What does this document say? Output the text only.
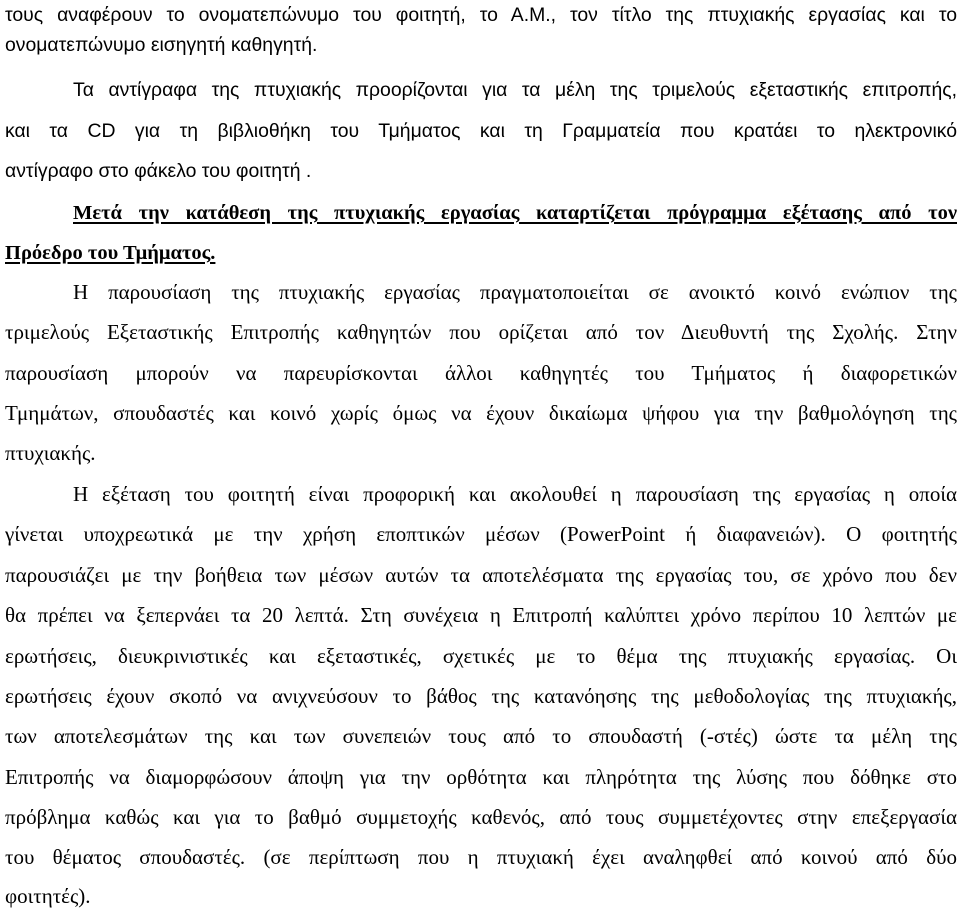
τους αναφέρουν το ονοματεπώνυμο του φοιτητή, το Α.Μ., τον τίτλο της πτυχιακής εργασίας και το
ονοματεπώνυμο εισηγητή καθηγητή.
Τα αντίγραφα της πτυχιακής προορίζονται για τα μέλη της τριμελούς εξεταστικής επιτροπής,
και τα CD για τη βιβλιοθήκη του Τμήματος και τη Γραμματεία που κρατάει το ηλεκτρονικό
αντίγραφο στο φάκελο του φοιτητή .
Μετά την κατάθεση της πτυχιακής εργασίας καταρτίζεται πρόγραμμα εξέτασης από τον
Πρόεδρο του Τμήματος.
Η παρουσίαση της πτυχιακής εργασίας πραγματοποιείται σε ανοικτό κοινό ενώπιον της
τριμελούς Εξεταστικής Επιτροπής καθηγητών που ορίζεται από τον Διευθυντή της Σχολής. Στην
παρουσίαση μπορούν να παρευρίσκονται άλλοι καθηγητές του Τμήματος ή διαφορετικών
Τμημάτων, σπουδαστές και κοινό χωρίς όμως να έχουν δικαίωμα ψήφου για την βαθμολόγηση της
πτυχιακής.
Η εξέταση του φοιτητή είναι προφορική και ακολουθεί η παρουσίαση της εργασίας η οποία
γίνεται υποχρεωτικά με την χρήση εποπτικών μέσων (PowerPoint ή διαφανειών). Ο φοιτητής
παρουσιάζει με την βοήθεια των μέσων αυτών τα αποτελέσματα της εργασίας του, σε χρόνο που δεν
θα πρέπει να ξεπερνάει τα 20 λεπτά. Στη συνέχεια η Επιτροπή καλύπτει χρόνο περίπου 10 λεπτών με
ερωτήσεις, διευκρινιστικές και εξεταστικές, σχετικές με το θέμα της πτυχιακής εργασίας. Οι
ερωτήσεις έχουν σκοπό να ανιχνεύσουν το βάθος της κατανόησης της μεθοδολογίας της πτυχιακής,
των αποτελεσμάτων της και των συνεπειών τους από το σπουδαστή (-στές) ώστε τα μέλη της
Επιτροπής να διαμορφώσουν άποψη για την ορθότητα και πληρότητα της λύσης που δόθηκε στο
πρόβλημα καθώς και για το βαθμό συμμετοχής καθενός, από τους συμμετέχοντες στην επεξεργασία
του θέματος σπουδαστές. (σε περίπτωση που η πτυχιακή έχει αναληφθεί από κοινού από δύο
φοιτητές).
